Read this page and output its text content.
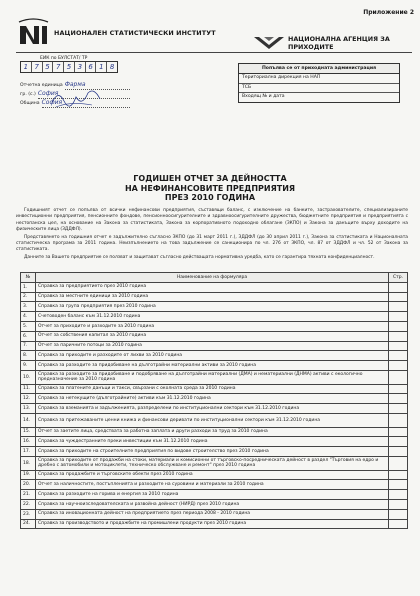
Приложение 2
НАЦИОНАЛЕН СТАТИСТИЧЕСКИ ИНСТИТУТ
НАЦИОНАЛНА АГЕНЦИЯ ЗА ПРИХОДИТЕ
ЕИК по БУЛСТАТ/ ТР
1 7 5 7 5 3 6 1 8
Отчетна единица Фарма
гр. (с.) София
Община София
Попълва се от приходната администрация
Териториална дирекция на НАП
ТСБ
Входящ № и дата
ГОДИШЕН ОТЧЕТ ЗА ДЕЙНОСТТА
НА НЕФИНАНСОВИТЕ ПРЕДПРИЯТИЯ
ПРЕЗ 2010 ГОДИНА

Годишният отчет се попълва от всички нефинансови предприятия, съставящи баланс, с изключение на банките, застрахователите, специализираните инвестиционни предприятия, пенсионните фондове, пенсионноосигурителните и здравноосигурителните дружества, бюджетните предприятия и предприятията с нестопанска цел, на основание на Закона за статистиката, Закона за корпоративното подоходно облагане (ЗКПО) и Закона за данъците върху доходите на физическите лица (ЗДДФЛ).

Представянето на годишния отчет е задължително съгласно ЗКПО (до 31 март 2011 г.), ЗДДФЛ (до 30 април 2011 г.), Закона за статистиката и Националната статистическа програма за 2011 година. Неизпълнението на това задължение се санкционира по чл. 276 от ЗКПО, чл. 87 от ЗДДФЛ и чл. 52 от Закона за статистиката.

Данните за Вашето предприятие се ползват и защитават съгласно действащата нормативна уредба, като се гарантира тяхната конфиденциалност.

№	Наименование на формуляра	Стр.
1.	Справка за предприятието през 2010 година	
2.	Справка за местните единици за 2010 година	
3.	Справка за група предприятия през 2010 година	
4.	Счетоводен баланс към 31.12.2010 година	
5.	Отчет за приходите и разходите за 2010 година	
6.	Отчет за собствения капитал за 2010 година	
7.	Отчет за паричните потоци за 2010 година	
8.	Справка за приходите и разходите от лихви за 2010 година	
9.	Справка за разходите за придобиване на дълготрайни материални активи за 2010 година	
10.	Справка за разходите за придобиване и подобряване на дълготрайни материални (ДМА) и нематериални (ДНМА) активи с екологично предназначение за 2010 година	
11.	Справка за платените данъци и такси, свързани с околната среда за 2010 година	
12.	Справка за нетекущите (дълготрайните) активи към 31.12.2010 година	
13.	Справка за вземанията и задълженията, разпределени по институционални сектори към 31.12.2010 година	
14.	Справка за притежаваните ценни книжа и финансови деривати по институционални сектори към 31.12.2010 година	
15.	Отчет за заетите лица, средствата за работна заплата и други разходи за труд за 2010 година	
16.	Справка за чуждестранните преки инвестиции към 31.12.2010 година	
17.	Справка за приходите на строителните предприятия по видове строителство през 2010 година	
18.	Справка за приходите от продажби на стоки, материали и комисионни от търговско-посредническата дейност в раздел "Търговия на едро и дребно с автомобили и мотоциклети, техническо обслужване и ремонт" през 2010 година	
19.	Справка за продажбите и търговските обекти през 2010 година	
20.	Отчет за наличностите, постъпленията и разходите на суровини и материали за 2010 година	
21.	Справка за разходите на горива и енергия за 2010 година	
22.	Справка за научноизследователската и развойна дейност (НИРД) през 2010 година	
23.	Справка за иновационната дейност на предприятието през периода 2008 - 2010 година	
24.	Справка за производството и продажбите на промишлени продукти през 2010 година	
